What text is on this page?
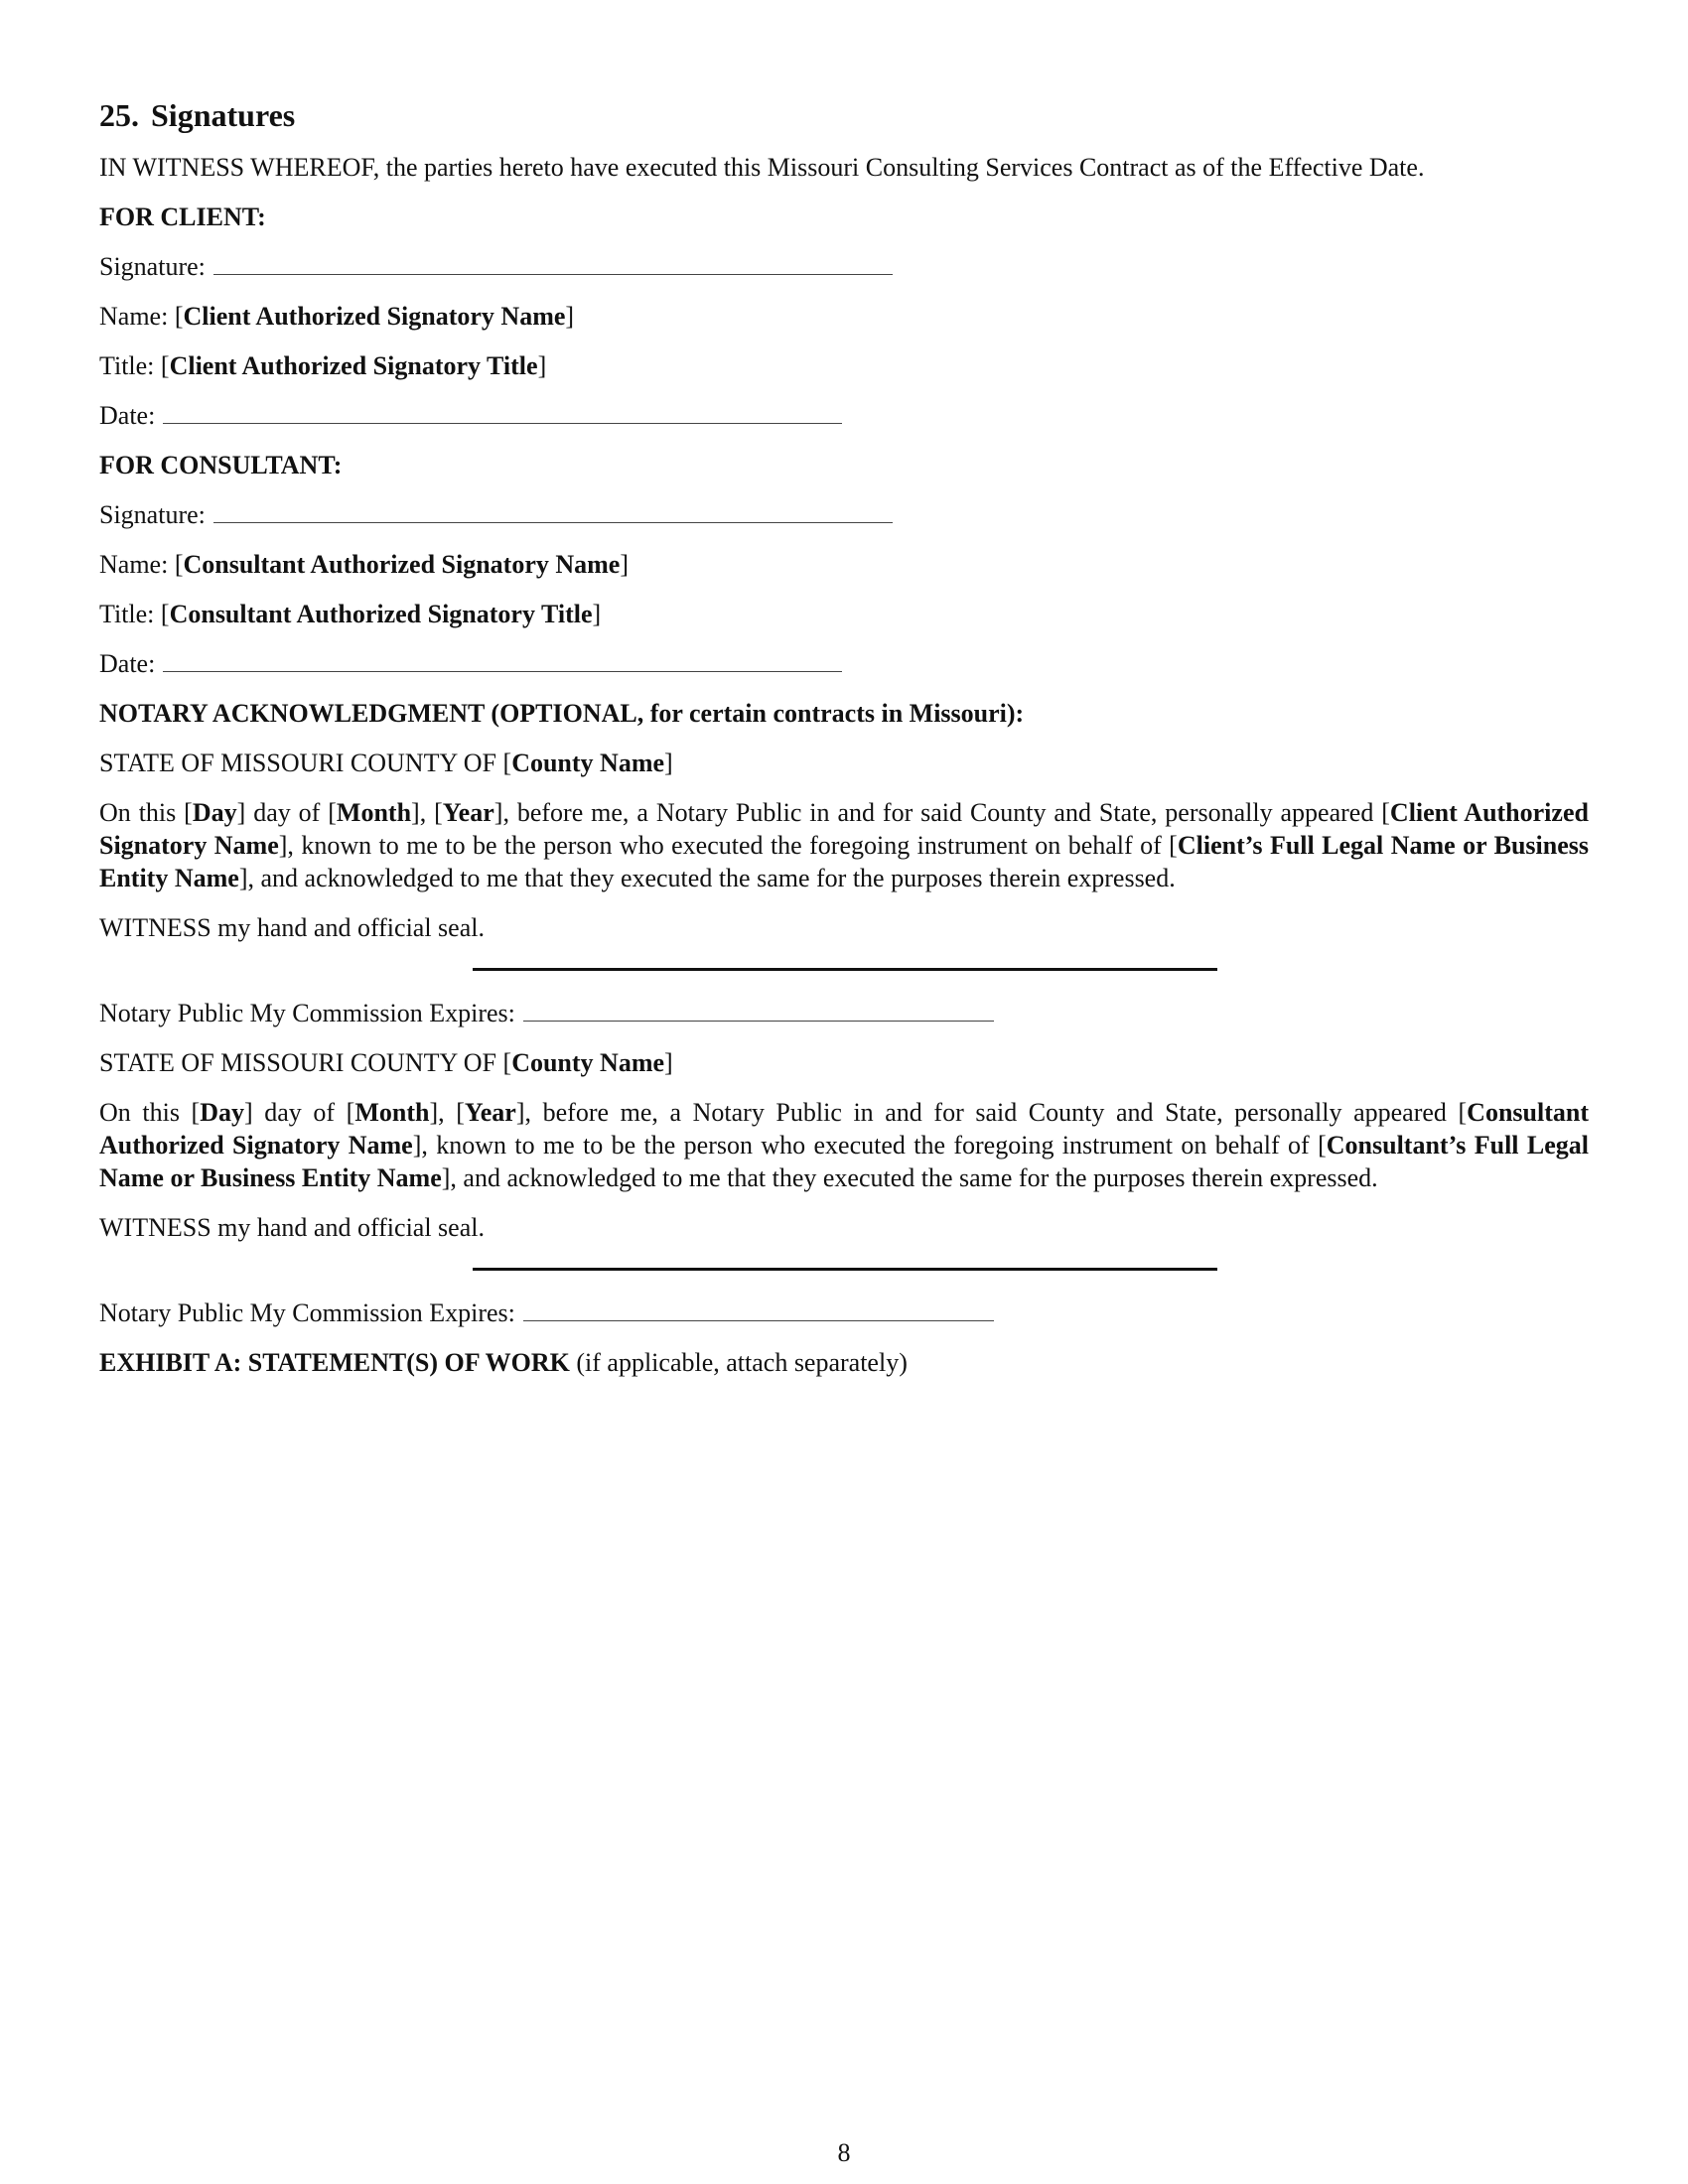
25. Signatures

IN WITNESS WHEREOF, the parties hereto have executed this Missouri Consulting Services Contract as of the Effective Date.

FOR CLIENT:

Signature:
Name: [Client Authorized Signatory Name]
Title: [Client Authorized Signatory Title]
Date:

FOR CONSULTANT:

Signature:
Name: [Consultant Authorized Signatory Name]
Title: [Consultant Authorized Signatory Title]
Date:

NOTARY ACKNOWLEDGMENT (OPTIONAL, for certain contracts in Missouri):

STATE OF MISSOURI COUNTY OF [County Name]

On this [Day] day of [Month], [Year], before me, a Notary Public in and for said County and State, personally appeared [Client Authorized Signatory Name], known to me to be the person who executed the foregoing instrument on behalf of [Client’s Full Legal Name or Business Entity Name], and acknowledged to me that they executed the same for the purposes therein expressed.

WITNESS my hand and official seal.

Notary Public My Commission Expires:
STATE OF MISSOURI COUNTY OF [County Name]

On this [Day] day of [Month], [Year], before me, a Notary Public in and for said County and State, personally appeared [Consultant Authorized Signatory Name], known to me to be the person who executed the foregoing instrument on behalf of [Consultant’s Full Legal Name or Business Entity Name], and acknowledged to me that they executed the same for the purposes therein expressed.

WITNESS my hand and official seal.

Notary Public My Commission Expires:
EXHIBIT A: STATEMENT(S) OF WORK (if applicable, attach separately)
8
